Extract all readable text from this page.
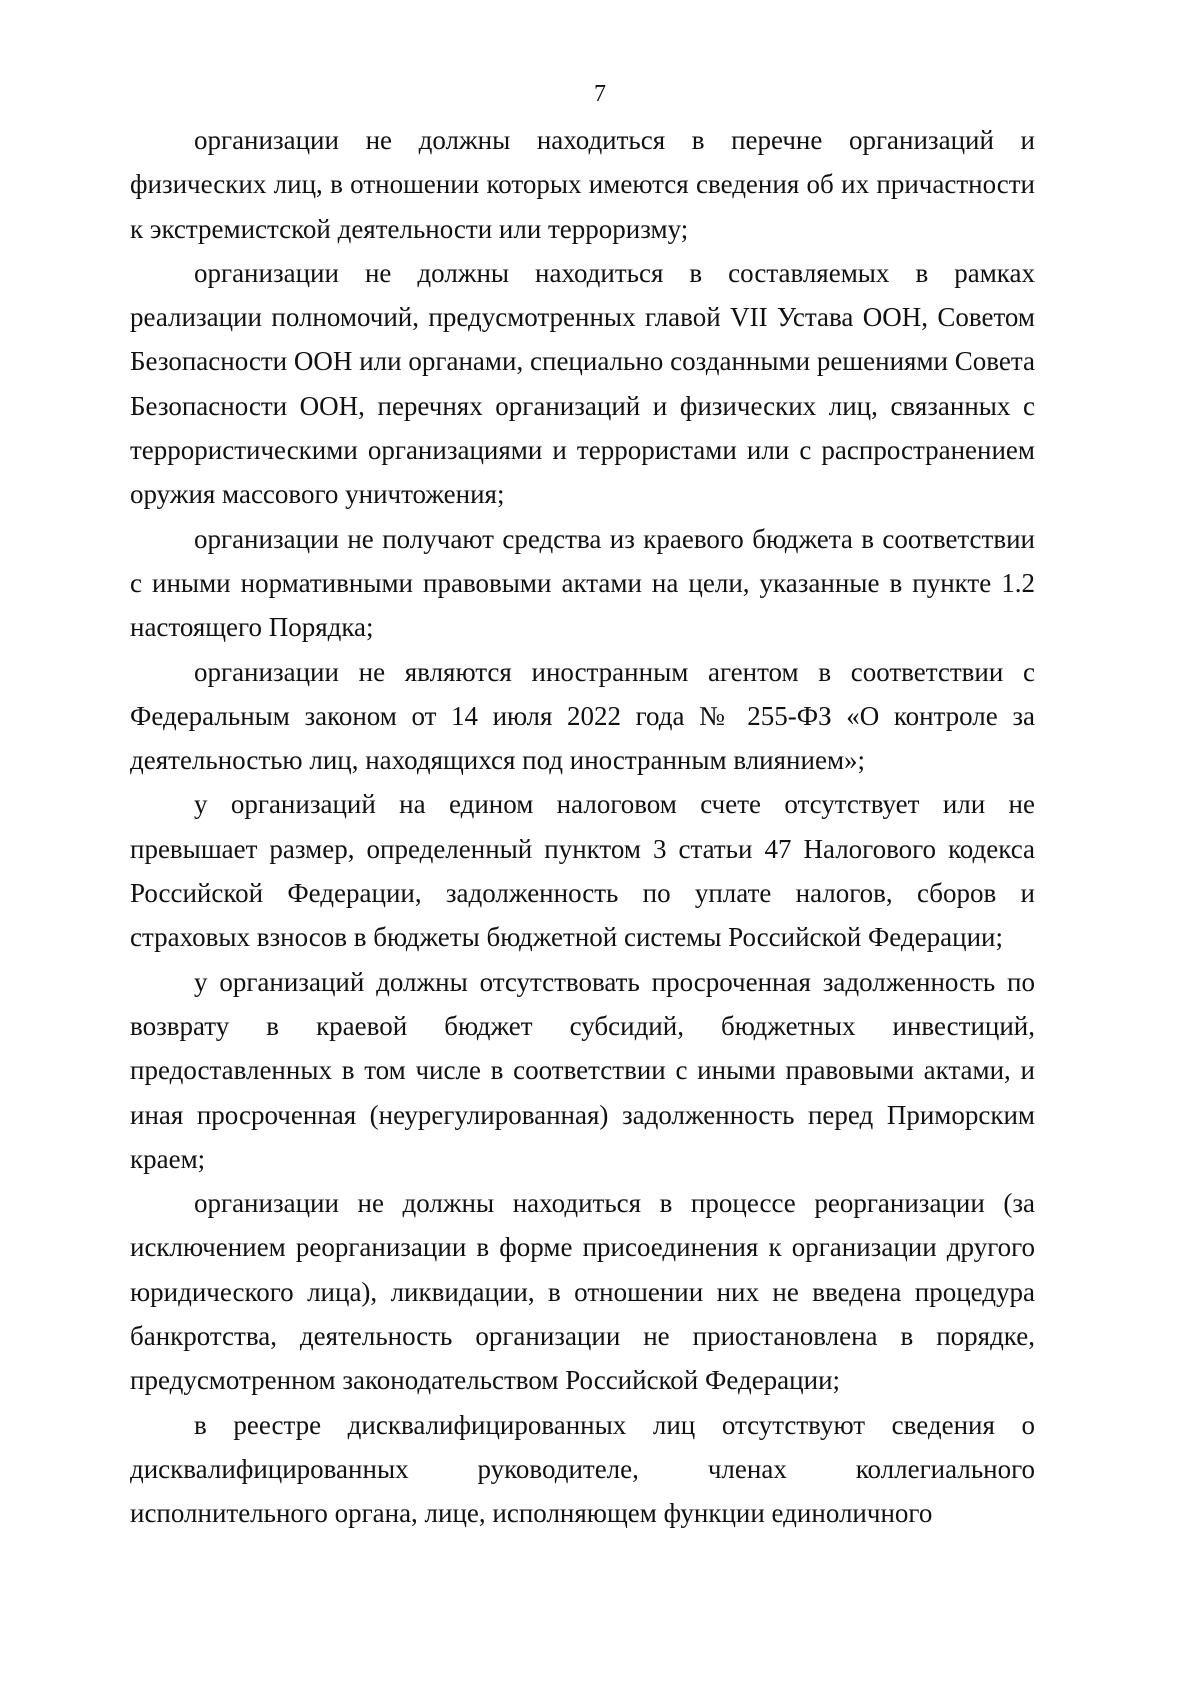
7

организации не должны находиться в перечне организаций и физических лиц, в отношении которых имеются сведения об их причастности к экстремистской деятельности или терроризму;

организации не должны находиться в составляемых в рамках реализации полномочий, предусмотренных главой VII Устава ООН, Советом Безопасности ООН или органами, специально созданными решениями Совета Безопасности ООН, перечнях организаций и физических лиц, связанных с террористическими организациями и террористами или с распространением оружия массового уничтожения;

организации не получают средства из краевого бюджета в соответствии с иными нормативными правовыми актами на цели, указанные в пункте 1.2 настоящего Порядка;

организации не являются иностранным агентом в соответствии с Федеральным законом от 14 июля 2022 года № 255-ФЗ «О контроле за деятельностью лиц, находящихся под иностранным влиянием»;

у организаций на едином налоговом счете отсутствует или не превышает размер, определенный пунктом 3 статьи 47 Налогового кодекса Российской Федерации, задолженность по уплате налогов, сборов и страховых взносов в бюджеты бюджетной системы Российской Федерации;

у организаций должны отсутствовать просроченная задолженность по возврату в краевой бюджет субсидий, бюджетных инвестиций, предоставленных в том числе в соответствии с иными правовыми актами, и иная просроченная (неурегулированная) задолженность перед Приморским краем;

организации не должны находиться в процессе реорганизации (за исключением реорганизации в форме присоединения к организации другого юридического лица), ликвидации, в отношении них не введена процедура банкротства, деятельность организации не приостановлена в порядке, предусмотренном законодательством Российской Федерации;

в реестре дисквалифицированных лиц отсутствуют сведения о дисквалифицированных руководителе, членах коллегиального исполнительного органа, лице, исполняющем функции единоличного
